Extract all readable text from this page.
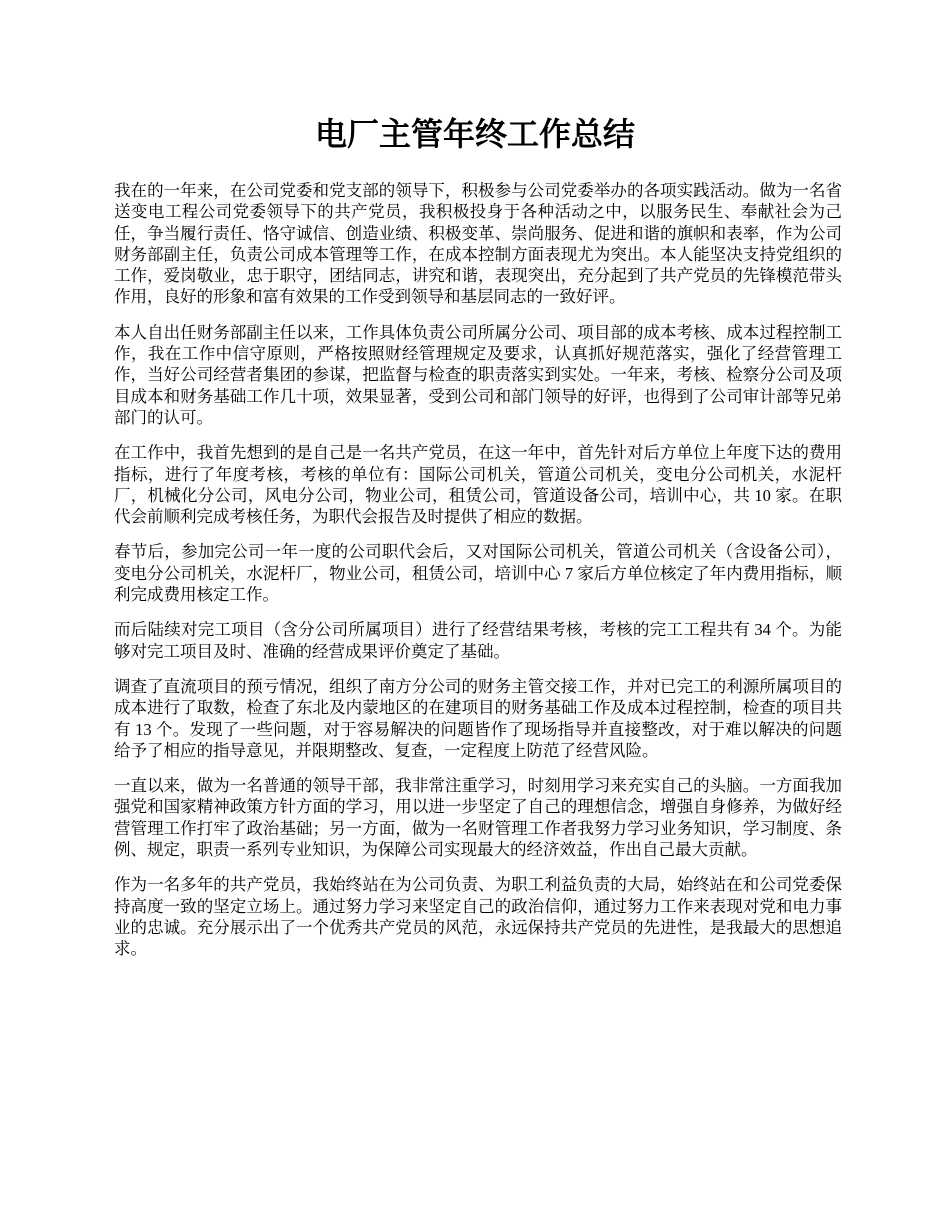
电厂主管年终工作总结

我在的一年来，在公司党委和党支部的领导下，积极参与公司党委举办的各项实践活动。做为一名省送变电工程公司党委领导下的共产党员，我积极投身于各种活动之中，以服务民生、奉献社会为己任，争当履行责任、恪守诚信、创造业绩、积极变革、崇尚服务、促进和谐的旗帜和表率，作为公司财务部副主任，负责公司成本管理等工作，在成本控制方面表现尤为突出。本人能坚决支持党组织的工作，爱岗敬业，忠于职守，团结同志，讲究和谐，表现突出，充分起到了共产党员的先锋模范带头作用，良好的形象和富有效果的工作受到领导和基层同志的一致好评。

本人自出任财务部副主任以来，工作具体负责公司所属分公司、项目部的成本考核、成本过程控制工作，我在工作中信守原则，严格按照财经管理规定及要求，认真抓好规范落实，强化了经营管理工作，当好公司经营者集团的参谋，把监督与检查的职责落实到实处。一年来，考核、检察分公司及项目成本和财务基础工作几十项，效果显著，受到公司和部门领导的好评，也得到了公司审计部等兄弟部门的认可。

在工作中，我首先想到的是自己是一名共产党员，在这一年中，首先针对后方单位上年度下达的费用指标，进行了年度考核，考核的单位有：国际公司机关，管道公司机关，变电分公司机关，水泥杆厂，机械化分公司，风电分公司，物业公司，租赁公司，管道设备公司，培训中心，共 10 家。在职代会前顺利完成考核任务，为职代会报告及时提供了相应的数据。

春节后，参加完公司一年一度的公司职代会后，又对国际公司机关，管道公司机关（含设备公司），变电分公司机关，水泥杆厂，物业公司，租赁公司，培训中心 7 家后方单位核定了年内费用指标，顺利完成费用核定工作。

而后陆续对完工项目（含分公司所属项目）进行了经营结果考核，考核的完工工程共有 34 个。为能够对完工项目及时、准确的经营成果评价奠定了基础。

调查了直流项目的预亏情况，组织了南方分公司的财务主管交接工作，并对已完工的利源所属项目的成本进行了取数，检查了东北及内蒙地区的在建项目的财务基础工作及成本过程控制，检查的项目共有 13 个。发现了一些问题，对于容易解决的问题皆作了现场指导并直接整改，对于难以解决的问题给予了相应的指导意见，并限期整改、复查，一定程度上防范了经营风险。

一直以来，做为一名普通的领导干部，我非常注重学习，时刻用学习来充实自己的头脑。一方面我加强党和国家精神政策方针方面的学习，用以进一步坚定了自己的理想信念，增强自身修养，为做好经营管理工作打牢了政治基础；另一方面，做为一名财管理工作者我努力学习业务知识，学习制度、条例、规定，职责一系列专业知识，为保障公司实现最大的经济效益，作出自己最大贡献。

作为一名多年的共产党员，我始终站在为公司负责、为职工利益负责的大局，始终站在和公司党委保持高度一致的坚定立场上。通过努力学习来坚定自己的政治信仰，通过努力工作来表现对党和电力事业的忠诚。充分展示出了一个优秀共产党员的风范，永远保持共产党员的先进性，是我最大的思想追求。
